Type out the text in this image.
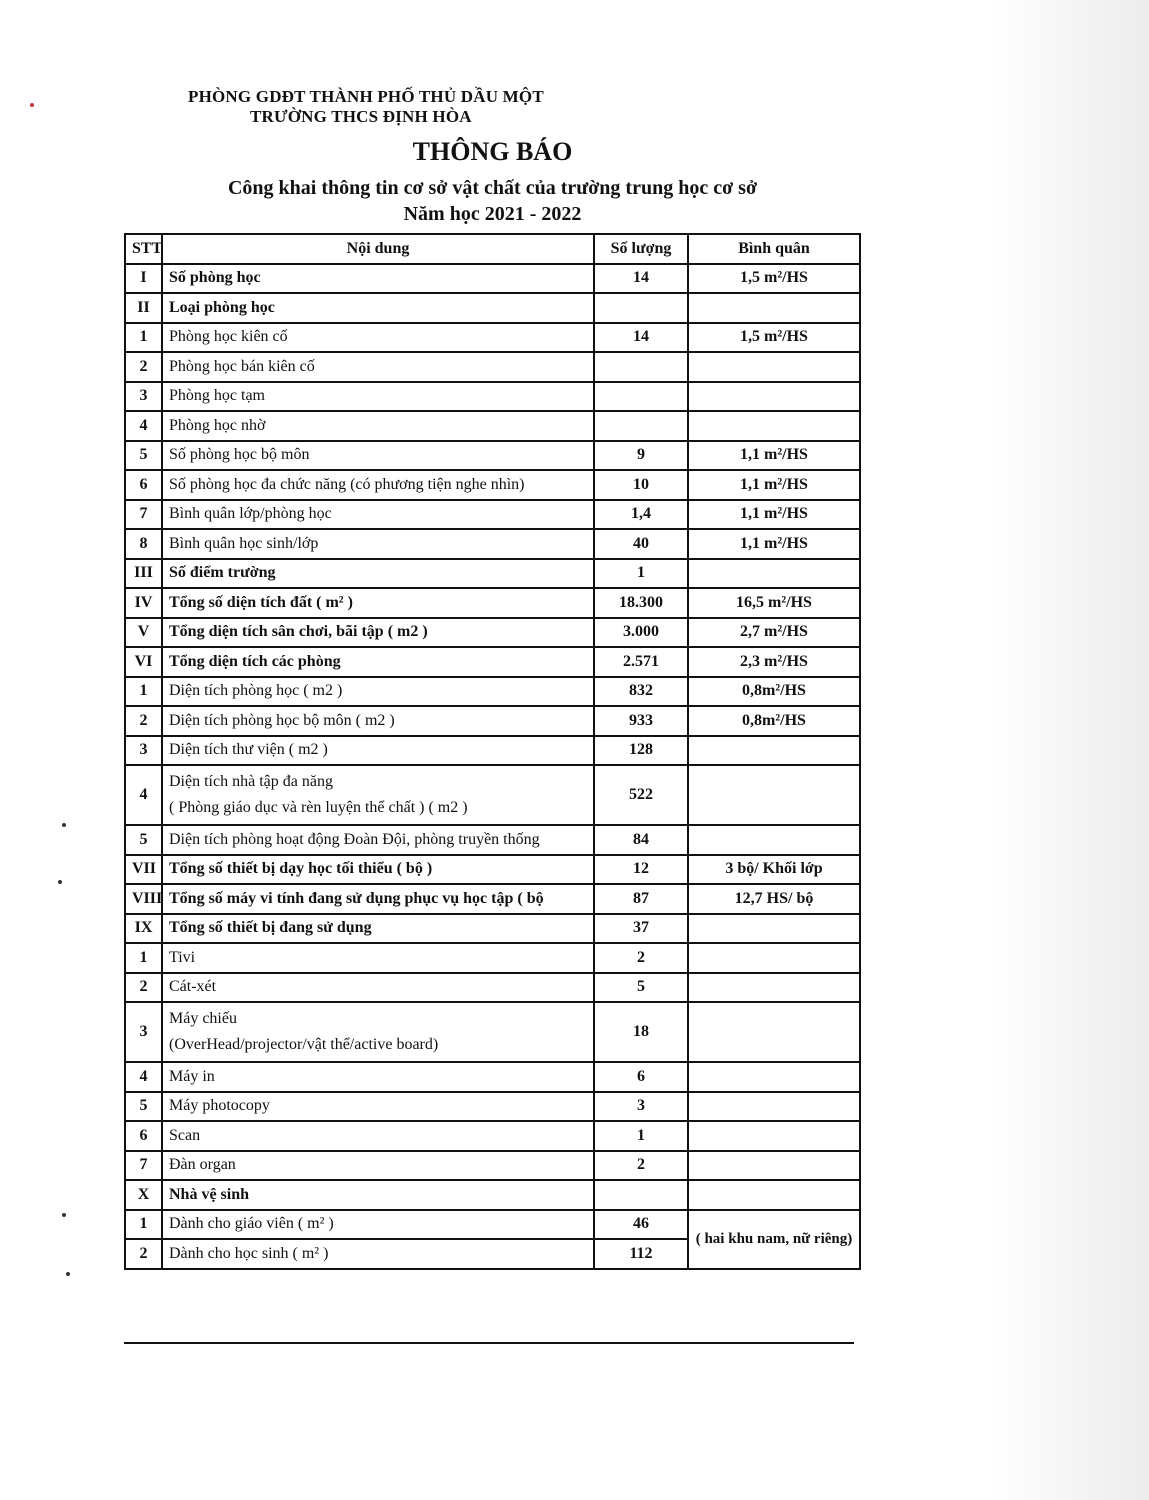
PHÒNG GDĐT THÀNH PHỐ THỦ DẦU MỘT
TRƯỜNG THCS ĐỊNH HÒA
THÔNG BÁO
Công khai thông tin cơ sở vật chất của trường trung học cơ sở
Năm học 2021 - 2022
STT	Nội dung	Số lượng	Bình quân
I	Số phòng học	14	1,5 m²/HS
II	Loại phòng học		
1	Phòng học kiên cố	14	1,5 m²/HS
2	Phòng học bán kiên cố		
3	Phòng học tạm		
4	Phòng học nhờ		
5	Số phòng học bộ môn	9	1,1 m²/HS
6	Số phòng học đa chức năng (có phương tiện nghe nhìn)	10	1,1 m²/HS
7	Bình quân lớp/phòng học	1,4	1,1 m²/HS
8	Bình quân học sinh/lớp	40	1,1 m²/HS
III	Số điểm trường	1	
IV	Tổng số diện tích đất ( m² )	18.300	16,5 m²/HS
V	Tổng diện tích sân chơi, bãi tập ( m2 )	3.000	2,7 m²/HS
VI	Tổng diện tích các phòng	2.571	2,3 m²/HS
1	Diện tích phòng học ( m2 )	832	0,8m²/HS
2	Diện tích phòng học bộ môn ( m2 )	933	0,8m²/HS
3	Diện tích thư viện ( m2 )	128	
4	Diện tích nhà tập đa năng
( Phòng giáo dục và rèn luyện thể chất ) ( m2 )	522	
5	Diện tích phòng hoạt động Đoàn Đội, phòng truyền thống	84	
VII	Tổng số thiết bị dạy học tối thiểu ( bộ )	12	3 bộ/ Khối lớp
VIII	Tổng số máy vi tính đang sử dụng phục vụ học tập ( bộ	87	12,7 HS/ bộ
IX	Tổng số thiết bị đang sử dụng	37	
1	Tivi	2	
2	Cát-xét	5	
3	Máy chiếu
(OverHead/projector/vật thể/active board)	18	
4	Máy in	6	
5	Máy photocopy	3	
6	Scan	1	
7	Đàn organ	2	
X	Nhà vệ sinh		
1	Dành cho giáo viên ( m² )	46	( hai khu nam, nữ riêng)
2	Dành cho học sinh ( m² )	112	
